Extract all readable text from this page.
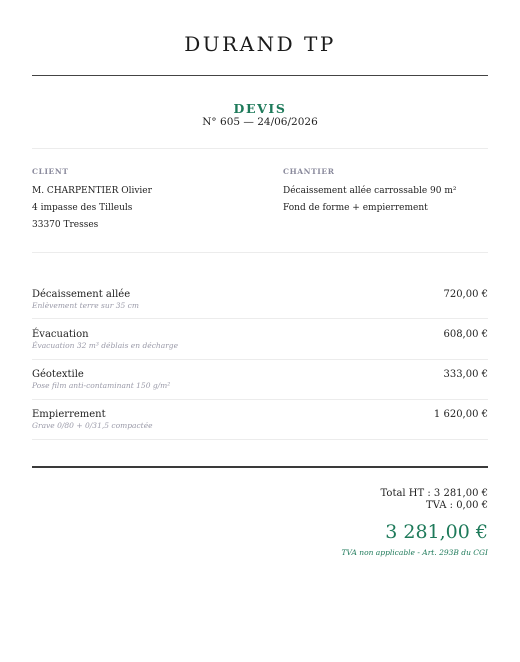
DURAND TP
DEVIS
N° 605 — 24/06/2026
CLIENT
M. CHARPENTIER Olivier
4 impasse des Tilleuls
33370 Tresses
CHANTIER
Décaissement allée carrossable 90 m²
Fond de forme + empierrement
Décaissement allée
Enlèvement terre sur 35 cm
720,00 €
Évacuation
Évacuation 32 m³ déblais en décharge
608,00 €
Géotextile
Pose film anti-contaminant 150 g/m²
333,00 €
Empierrement
Grave 0/80 + 0/31,5 compactée
1 620,00 €
Total HT : 3 281,00 €
TVA : 0,00 €
3 281,00 €
TVA non applicable - Art. 293B du CGI
